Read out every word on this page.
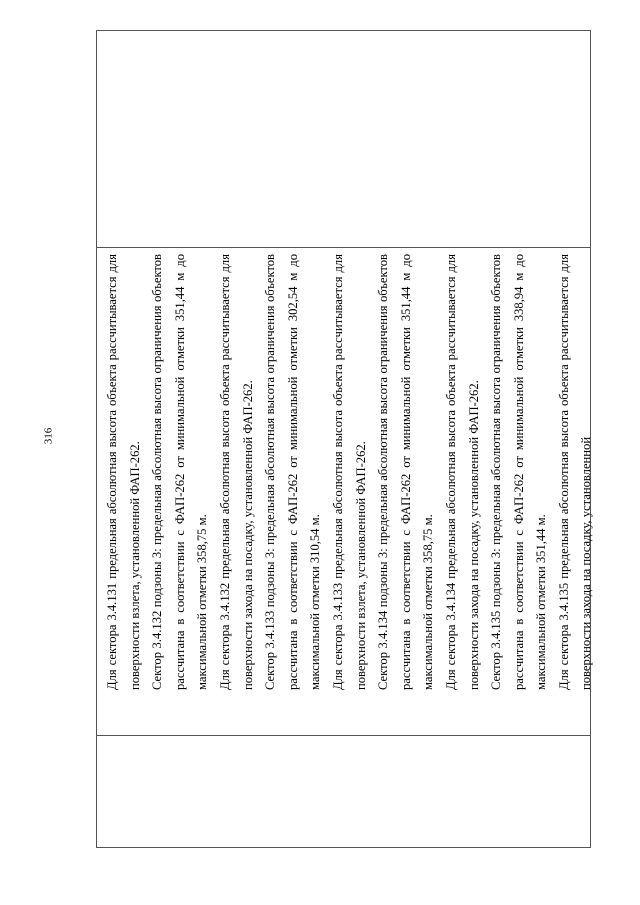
316	Для сектора 3.4.131 предельная абсолютная высота объекта рассчитывается для поверхности взлета, установленной ФАП-262. Сектор 3.4.132 подзоны 3: предельная абсолютная высота ограничения объектов рассчитана в соответствии с ФАП-262 от минимальной отметки 351,44 м до максимальной отметки 358,75 м. Для сектора 3.4.132 предельная абсолютная высота объекта рассчитывается для поверхности захода на посадку, установленной ФАП-262. Сектор 3.4.133 подзоны 3: предельная абсолютная высота ограничения объектов рассчитана в соответствии с ФАП-262 от минимальной отметки 302,54 м до максимальной отметки 310,54 м. Для сектора 3.4.133 предельная абсолютная высота объекта рассчитывается для поверхности взлета, установленной ФАП-262. Сектор 3.4.134 подзоны 3: предельная абсолютная высота ограничения объектов рассчитана в соответствии с ФАП-262 от минимальной отметки 351,44 м до максимальной отметки 358,75 м. Для сектора 3.4.134 предельная абсолютная высота объекта рассчитывается для поверхности захода на посадку, установленной ФАП-262. Сектор 3.4.135 подзоны 3: предельная абсолютная высота ограничения объектов рассчитана в соответствии с ФАП-262 от минимальной отметки 338,94 м до максимальной отметки 351,44 м. Для сектора 3.4.135 предельная абсолютная высота объекта рассчитывается для поверхности захода на посадку, установленной
